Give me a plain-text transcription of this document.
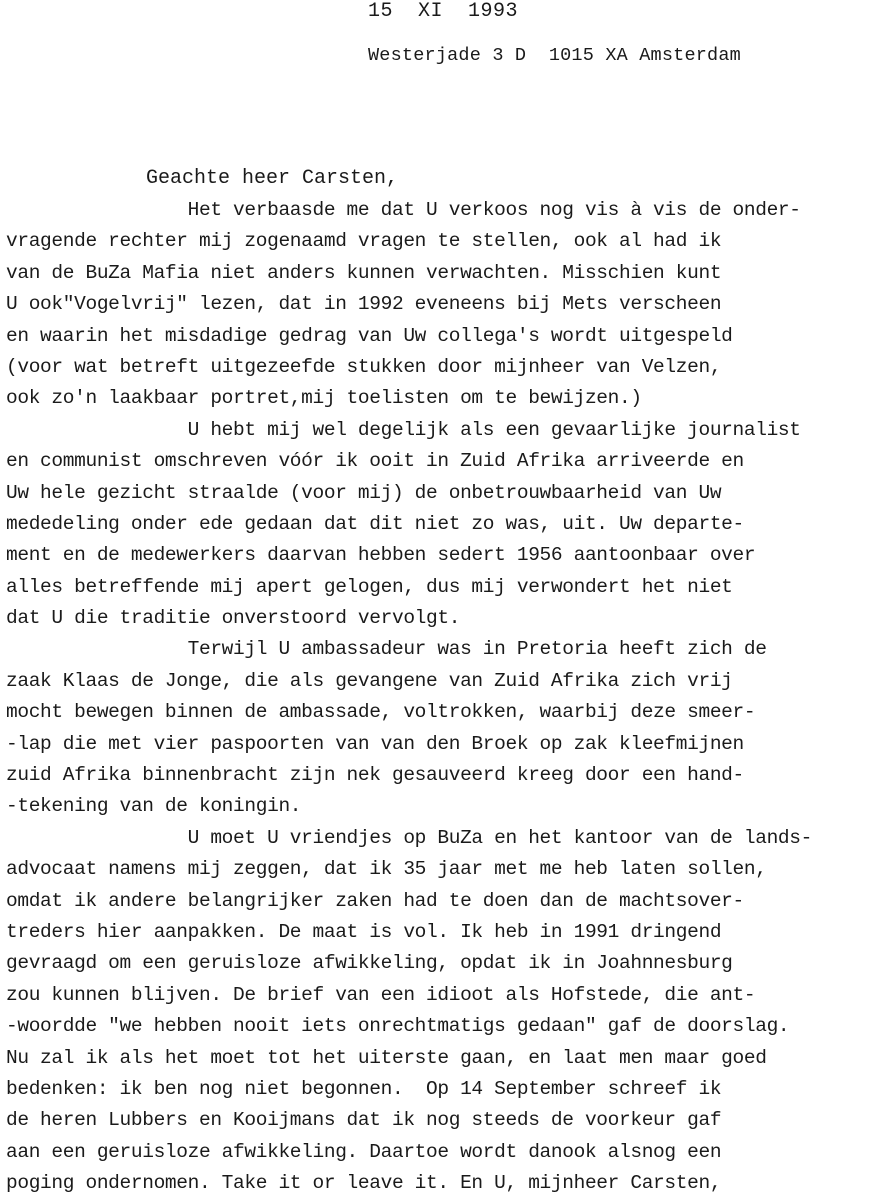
15  XI  1993
Westerjade 3 D  1015 XA Amsterdam
Geachte heer Carsten,
Het verbaasde me dat U verkoos nog vis à vis de onder-
vragende rechter mij zogenaamd vragen te stellen, ook al had ik
van de BuZa Mafia niet anders kunnen verwachten. Misschien kunt
U ook"Vogelvrij" lezen, dat in 1992 eveneens bij Mets verscheen
en waarin het misdadige gedrag van Uw collega's wordt uitgespeld
(voor wat betreft uitgezeefde stukken door mijnheer van Velzen,
ook zo'n laakbaar portret,mij toelisten om te bewijzen.)
U hebt mij wel degelijk als een gevaarlijke journalist
en communist omschreven vóór ik ooit in Zuid Afrika arriveerde en
Uw hele gezicht straalde (voor mij) de onbetrouwbaarheid van Uw
mededeling onder ede gedaan dat dit niet zo was, uit. Uw departe-
ment en de medewerkers daarvan hebben sedert 1956 aantoonbaar over
alles betreffende mij apert gelogen, dus mij verwondert het niet
dat U die traditie onverstoord vervolgt.
Terwijl U ambassadeur was in Pretoria heeft zich de
zaak Klaas de Jonge, die als gevangene van Zuid Afrika zich vrij
mocht bewegen binnen de ambassade, voltrokken, waarbij deze smeer-
-lap die met vier paspoorten van van den Broek op zak kleefmijnen
zuid Afrika binnenbracht zijn nek gesauveerd kreeg door een hand-
-tekening van de koningin.
U moet U vriendjes op BuZa en het kantoor van de lands-
advocaat namens mij zeggen, dat ik 35 jaar met me heb laten sollen,
omdat ik andere belangrijker zaken had te doen dan de machtsover-
treders hier aanpakken. De maat is vol. Ik heb in 1991 dringend
gevraagd om een geruisloze afwikkeling, opdat ik in Joahnnesburg
zou kunnen blijven. De brief van een idioot als Hofstede, die ant-
-woordde "we hebben nooit iets onrechtmatigs gedaan" gaf de doorslag.
Nu zal ik als het moet tot het uiterste gaan, en laat men maar goed
bedenken: ik ben nog niet begonnen.  Op 14 September schreef ik
de heren Lubbers en Kooijmans dat ik nog steeds de voorkeur gaf
aan een geruisloze afwikkeling. Daartoe wordt danook alsnog een
poging ondernomen. Take it or leave it. En U, mijnheer Carsten,
